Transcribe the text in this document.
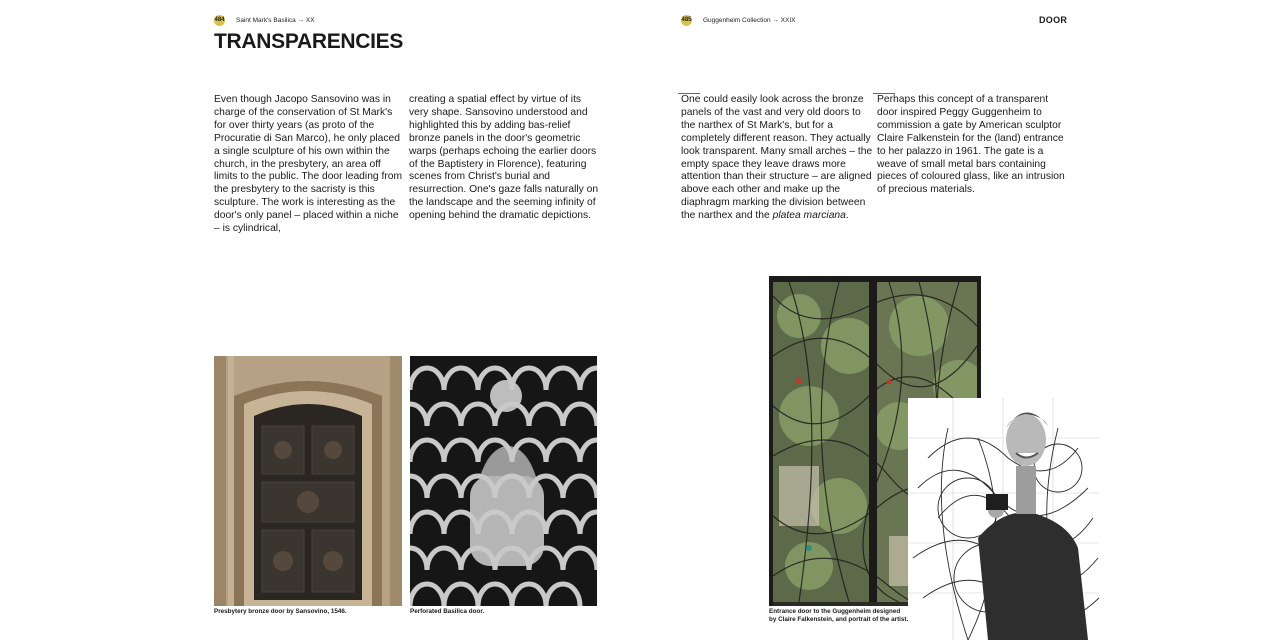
484 Saint Mark's Basilica → XX
TRANSPARENCIES

Even though Jacopo Sansovino was in charge of the conservation of St Mark's for over thirty years (as proto of the Procuratie di San Marco), he only placed a single sculpture of his own within the church, in the presbytery, an area off limits to the public. The door leading from the presbytery to the sacristy is this sculpture. The work is interesting as the door's only panel – placed within a niche – is cylindrical,

creating a spatial effect by virtue of its very shape. Sansovino understood and highlighted this by adding bas-relief bronze panels in the door's geometric warps (perhaps echoing the earlier doors of the Baptistery in Florence), featuring scenes from Christ's burial and resurrection. One's gaze falls naturally on the landscape and the seeming infinity of opening behind the dramatic depictions.

Presbytery bronze door by Sansovino, 1546.	Perforated Basilica door.
485 Guggenheim Collection → XXIX	DOOR

One could easily look across the bronze panels of the vast and very old doors to the narthex of St Mark's, but for a completely different reason. They actually look transparent. Many small arches – the empty space they leave draws more attention than their structure – are aligned above each other and make up the diaphragm marking the division between the narthex and the platea marciana.

Perhaps this concept of a transparent door inspired Peggy Guggenheim to commission a gate by American sculptor Claire Falkenstein for the (land) entrance to her palazzo in 1961. The gate is a weave of small metal bars containing pieces of coloured glass, like an intrusion of precious materials.

Entrance door to the Guggenheim designed
by Claire Falkenstein, and portrait of the artist.
